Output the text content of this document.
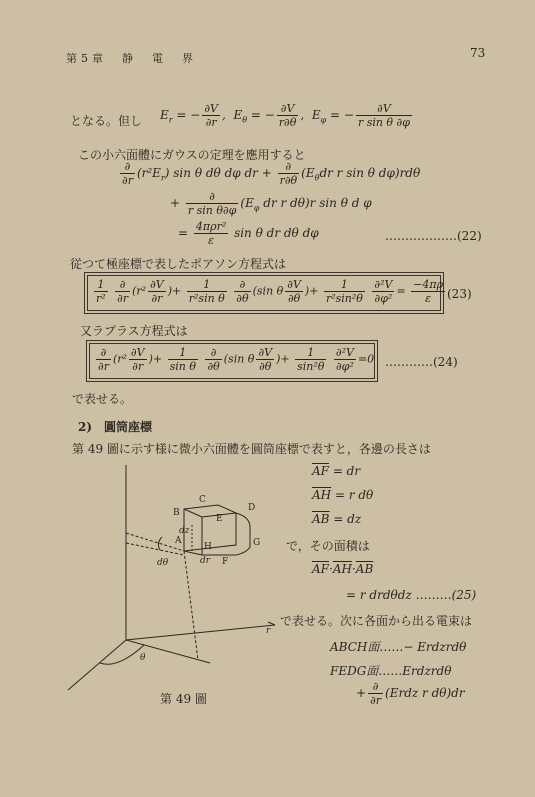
第5章　静　電　界	73
となる。但し $E_r$ = − $\frac{\partial V}{\partial r}$ ,  $E_\theta$ = − $\frac{\partial V}{r\partial\theta}$ ,  $E_\varphi$ = − $\frac{\partial V}{\text{r sin θ ∂φ}}$
この小六面體にガウスの定理を應用すると
$\frac{\partial}{\partial r} (r^2E_r)$ sin θ dθ dφ dr + $\frac{\partial}{r\partial\theta} (E_\theta dr$ r sin θ dφ)rdθ
+ $\frac{\partial}{\text{r sin θ∂φ}} (E_\varphi$ dr r dθ)r sin θ d φ
= $\frac{\text{4πρr²}}{\varepsilon}$ sin θ dr dθ dφ	………………(22)
従つて極座標で表したポアソン方程式は
$\frac{1}{\text{r²}}$
$\frac{\partial}{\partial r} (r^2 \frac{\partial V}{\partial r}$ )+ $\frac{1}{\text{r²sin θ}}$
$\frac{\partial}{\partial\theta} (\sin$ θ $\frac{\partial V}{\partial\theta}$ )+ $\frac{1}{\text{r²sin²θ}}$
$\frac{\text{∂²V}}{\text{∂φ²}} = \frac{-4\pi\rho}{\varepsilon} (23)$
又ラプラス方程式は
$\frac{\partial}{\partial r} (r^2 \frac{\partial V}{\partial r}$ )+ $\frac{1}{\text{sin θ}}$
$\frac{\partial}{\partial\theta} (\sin$ θ $\frac{\partial V}{\partial\theta}$ )+ $\frac{1}{\text{sin²θ}}$
$\frac{\text{∂²V}}{\text{∂φ²}} =0$ …………(24)
で表せる。
2)　圓筒座標
第 49 圖に示す様に微小六面體を圓筒座標で表すと，各邊の長さは
$\overline{AF}$ = dr
$\overline{AH} = r$ dθ
$\overline{AB}$ = dz
で，その面積は
$\overline{AF}\cdot\overline{AH}\cdot\overline{AB}$
= r drdθdz ………(25)
で表せる。次に各面から出る電束は
ABCH面……− Erdzrdθ
FEDG面……Erdzrdθ
+ $\frac{\partial}{\partial r}$ (Erdz r dθ)dr
A
B
C
D
E
F
G
H
dz
dr
dθ
θ
r
第 49 圖
